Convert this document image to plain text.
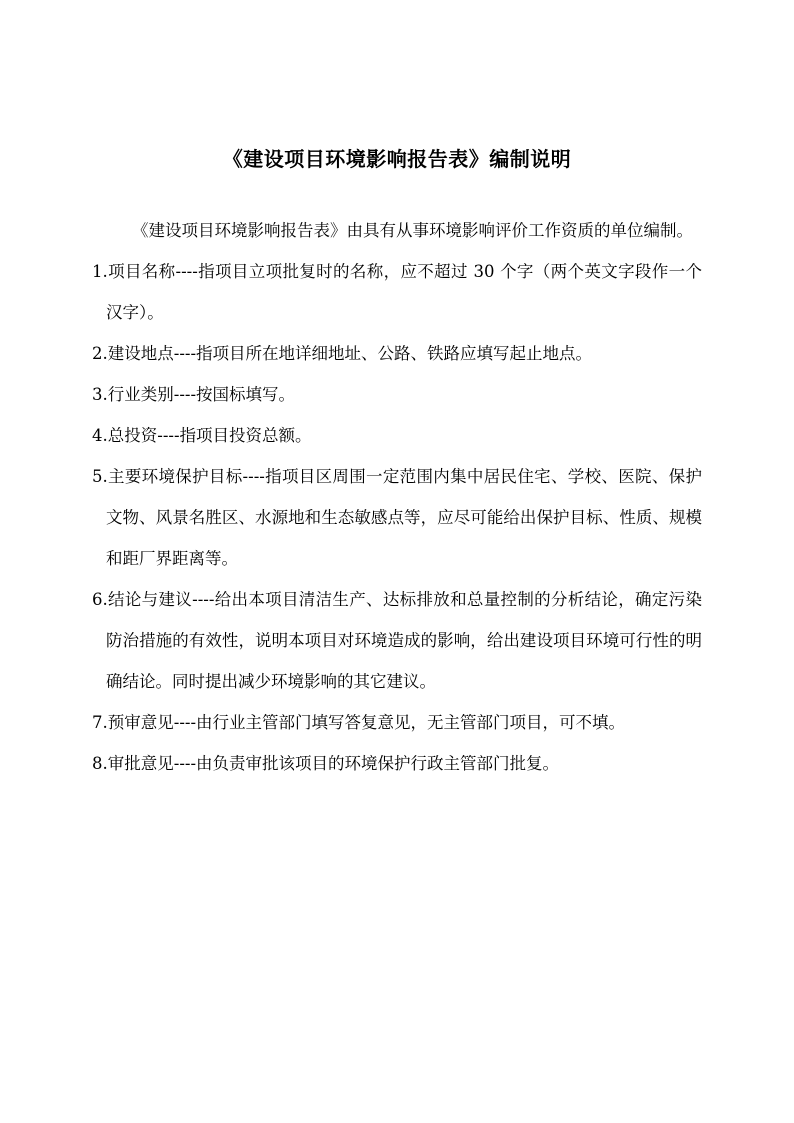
《建设项目环境影响报告表》编制说明

《建设项目环境影响报告表》由具有从事环境影响评价工作资质的单位编制。

1.项目名称----指项目立项批复时的名称，应不超过 30 个字（两个英文字段作一个汉字）。

2.建设地点----指项目所在地详细地址、公路、铁路应填写起止地点。

3.行业类别----按国标填写。

4.总投资----指项目投资总额。

5.主要环境保护目标----指项目区周围一定范围内集中居民住宅、学校、医院、保护文物、风景名胜区、水源地和生态敏感点等，应尽可能给出保护目标、性质、规模和距厂界距离等。

6.结论与建议----给出本项目清洁生产、达标排放和总量控制的分析结论，确定污染防治措施的有效性，说明本项目对环境造成的影响，给出建设项目环境可行性的明确结论。同时提出减少环境影响的其它建议。

7.预审意见----由行业主管部门填写答复意见，无主管部门项目，可不填。

8.审批意见----由负责审批该项目的环境保护行政主管部门批复。
